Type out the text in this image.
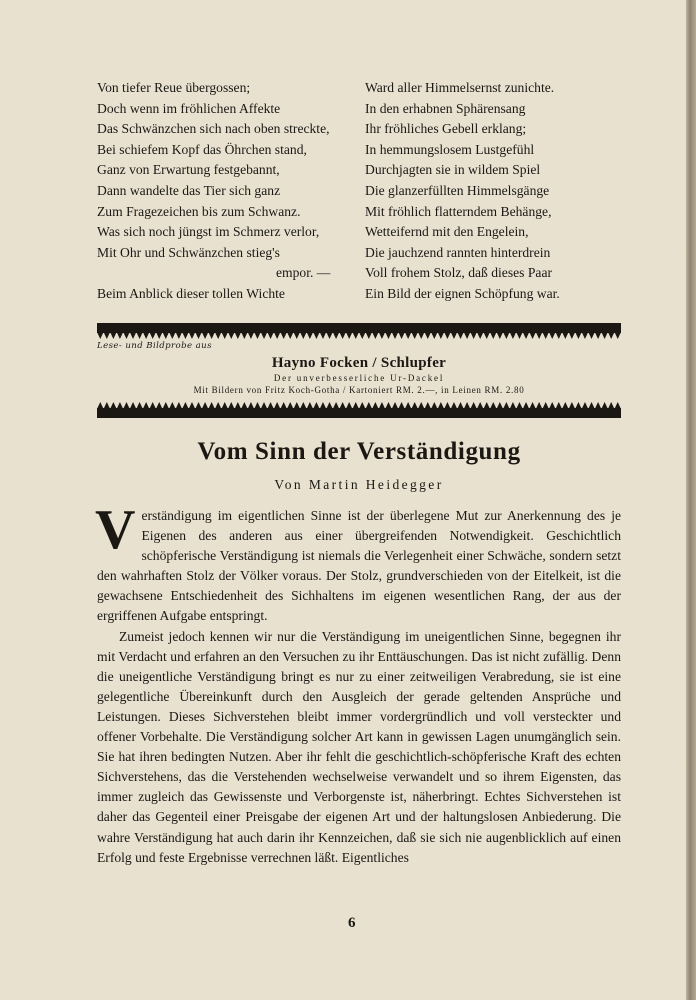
Von tiefer Reue übergossen;
Doch wenn im fröhlichen Affekte
Das Schwänzchen sich nach oben streckte,
Bei schiefem Kopf das Öhrchen stand,
Ganz von Erwartung festgebannt,
Dann wandelte das Tier sich ganz
Zum Fragezeichen bis zum Schwanz.
Was sich noch jüngst im Schmerz verlor,
Mit Ohr und Schwänzchen stieg's
empor. —
Beim Anblick dieser tollen Wichte
Ward aller Himmelsernst zunichte.
In den erhabnen Sphärensang
Ihr fröhliches Gebell erklang;
In hemmungslosem Lustgefühl
Durchjagten sie in wildem Spiel
Die glanzerfüllten Himmelsgänge
Mit fröhlich flatterndem Behänge,
Wetteifernd mit den Engelein,
Die jauchzend rannten hinterdrein
Voll frohem Stolz, daß dieses Paar
Ein Bild der eignen Schöpfung war.
Lese- und Bildprobe aus
Hayno Focken / Schlupfer
Der unverbesserliche Ur-Dackel
Mit Bildern von Fritz Koch-Gotha / Kartoniert RM. 2.—, in Leinen RM. 2.80
Vom Sinn der Verständigung
Von Martin Heidegger

Verständigung im eigentlichen Sinne ist der überlegene Mut zur Anerkennung des je Eigenen des anderen aus einer übergreifenden Notwendigkeit. Geschichtlich schöpferische Verständigung ist niemals die Verlegenheit einer Schwäche, sondern setzt den wahrhaften Stolz der Völker voraus. Der Stolz, grundverschieden von der Eitelkeit, ist die gewachsene Entschiedenheit des Sichhaltens im eigenen wesentlichen Rang, der aus der ergriffenen Aufgabe entspringt.

Zumeist jedoch kennen wir nur die Verständigung im uneigentlichen Sinne, begegnen ihr mit Verdacht und erfahren an den Versuchen zu ihr Enttäuschungen. Das ist nicht zufällig. Denn die uneigentliche Verständigung bringt es nur zu einer zeitweiligen Verabredung, sie ist eine gelegentliche Übereinkunft durch den Ausgleich der gerade geltenden Ansprüche und Leistungen. Dieses Sichverstehen bleibt immer vordergründlich und voll versteckter und offener Vorbehalte. Die Verständigung solcher Art kann in gewissen Lagen unumgänglich sein. Sie hat ihren bedingten Nutzen. Aber ihr fehlt die geschichtlich-schöpferische Kraft des echten Sichverstehens, das die Verstehenden wechselweise verwandelt und so ihrem Eigensten, das immer zugleich das Gewissenste und Verborgenste ist, näherbringt. Echtes Sichverstehen ist daher das Gegenteil einer Preisgabe der eigenen Art und der haltungslosen Anbiederung. Die wahre Verständigung hat auch darin ihr Kennzeichen, daß sie sich nie augenblicklich auf einen Erfolg und feste Ergebnisse verrechnen läßt. Eigentliches

6
